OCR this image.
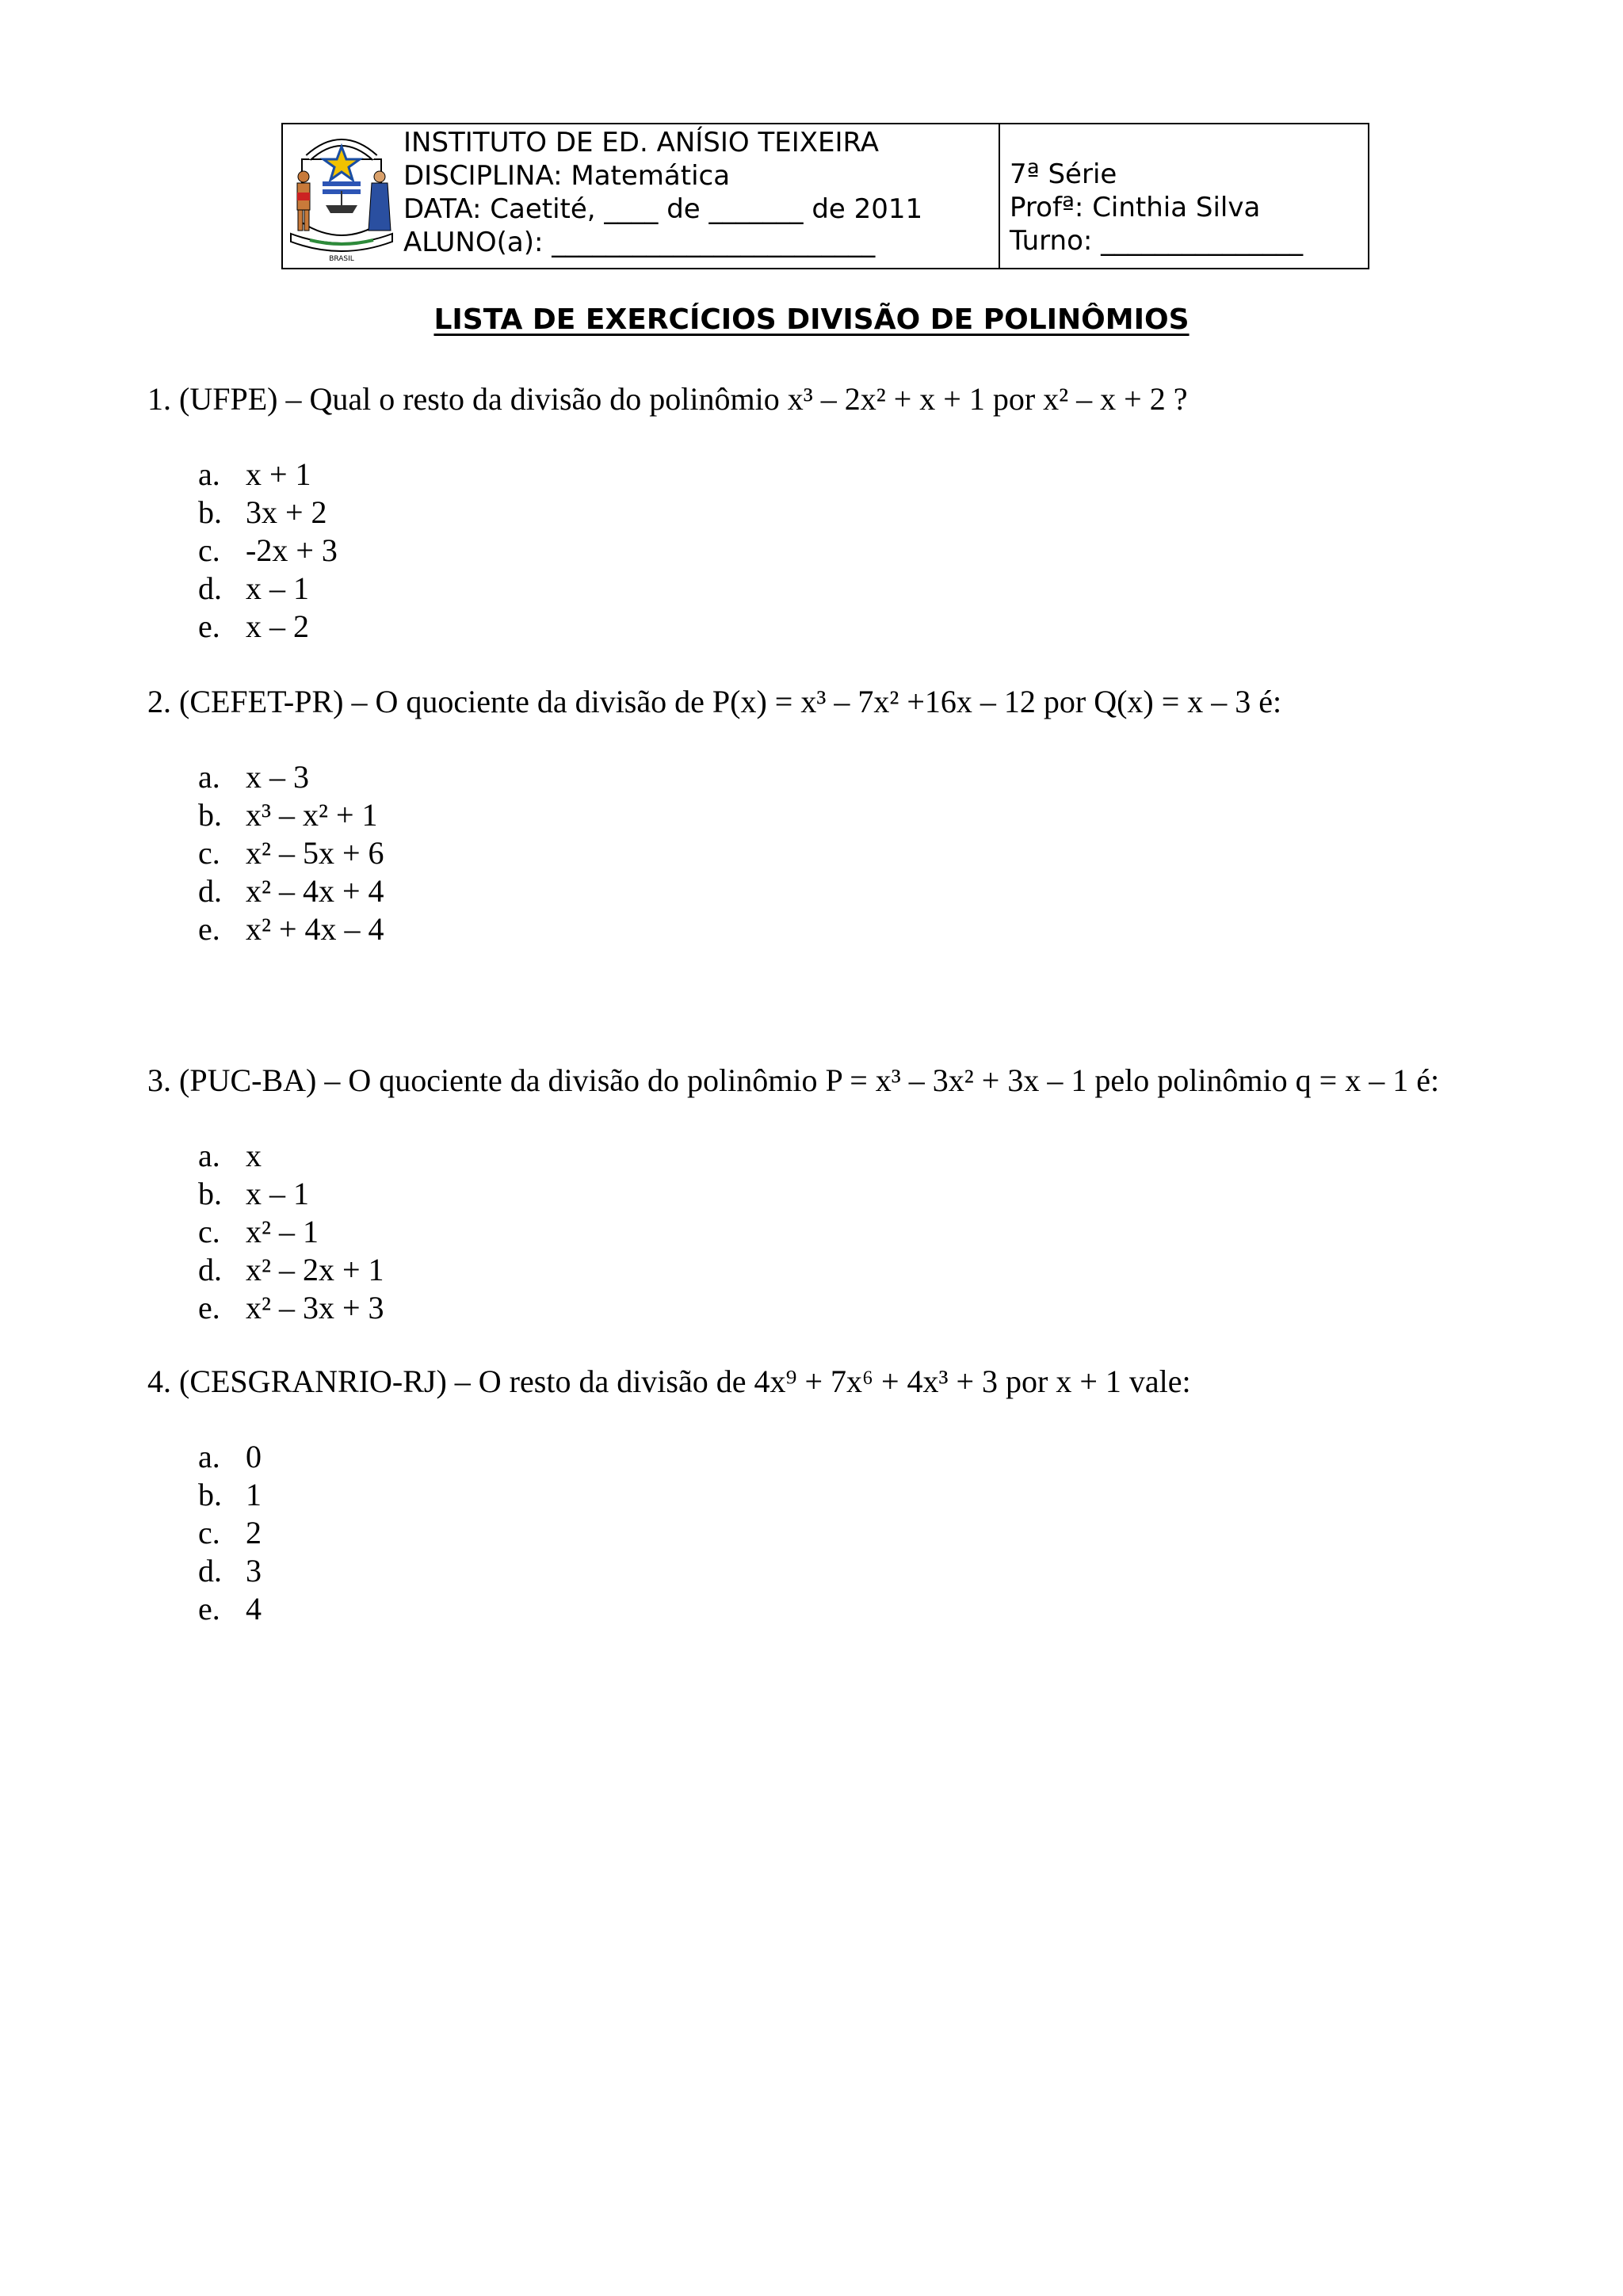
BRASIL
INSTITUTO DE ED. ANÍSIO TEIXEIRA
DISCIPLINA: Matemática
DATA: Caetité, ____ de _______ de 2011
ALUNO(a): ________________________
7ª Série
Profª: Cinthia Silva
Turno: _______________
LISTA DE EXERCÍCIOS DIVISÃO DE POLINÔMIOS
1. (UFPE) – Qual o resto da divisão do polinômio x³ – 2x² + x + 1 por x² – x + 2 ?
a. x + 1
b. 3x + 2
c. -2x + 3
d. x – 1
e. x – 2
2. (CEFET-PR) – O quociente da divisão de P(x) = x³ – 7x² +16x – 12 por Q(x) = x – 3 é:
a. x – 3
b. x³ – x² + 1
c. x² – 5x + 6
d. x² – 4x + 4
e. x² + 4x – 4
3. (PUC-BA) – O quociente da divisão do polinômio P = x³ – 3x² + 3x – 1 pelo polinômio q = x – 1 é:
a. x
b. x – 1
c. x² – 1
d. x² – 2x + 1
e. x² – 3x + 3
4. (CESGRANRIO-RJ) – O resto da divisão de 4x⁹ + 7x⁶ + 4x³ + 3 por x + 1 vale:
a. 0
b. 1
c. 2
d. 3
e. 4
